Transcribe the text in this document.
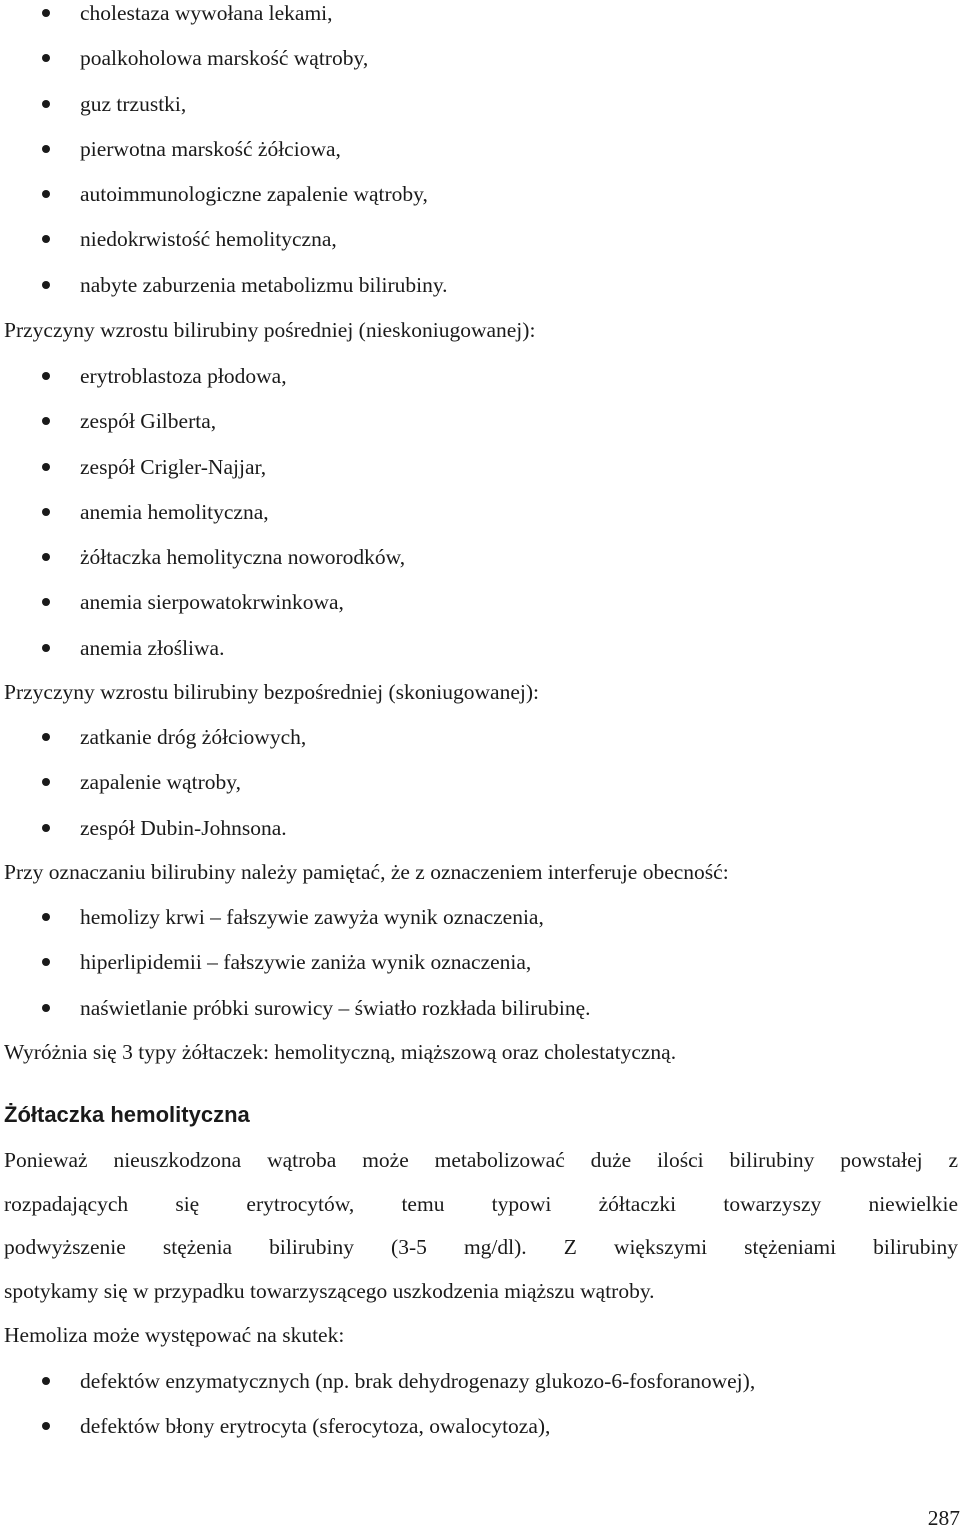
cholestaza wywołana lekami,
poalkoholowa marskość wątroby,
guz trzustki,
pierwotna marskość żółciowa,
autoimmunologiczne zapalenie wątroby,
niedokrwistość hemolityczna,
nabyte zaburzenia metabolizmu bilirubiny.
Przyczyny wzrostu bilirubiny pośredniej (nieskoniugowanej):
erytroblastoza płodowa,
zespół Gilberta,
zespół Crigler-Najjar,
anemia hemolityczna,
żółtaczka hemolityczna noworodków,
anemia sierpowatokrwinkowa,
anemia złośliwa.
Przyczyny wzrostu bilirubiny bezpośredniej (skoniugowanej):
zatkanie dróg żółciowych,
zapalenie wątroby,
zespół Dubin-Johnsona.
Przy oznaczaniu bilirubiny należy pamiętać, że z oznaczeniem interferuje obecność:
hemolizy krwi – fałszywie zawyża wynik oznaczenia,
hiperlipidemii – fałszywie zaniża wynik oznaczenia,
naświetlanie próbki surowicy – światło rozkłada bilirubinę.
Wyróżnia się 3 typy żółtaczek: hemolityczną, miąższową oraz cholestatyczną.
Żółtaczka hemolityczna
Ponieważ nieuszkodzona wątroba może metabolizować duże ilości bilirubiny powstałej z
rozpadających się erytrocytów, temu typowi żółtaczki towarzyszy niewielkie
podwyższenie stężenia bilirubiny (3-5 mg/dl). Z większymi stężeniami bilirubiny
spotykamy się w przypadku towarzyszącego uszkodzenia miąższu wątroby.
Hemoliza może występować na skutek:
defektów enzymatycznych (np. brak dehydrogenazy glukozo-6-fosforanowej),
defektów błony erytrocyta (sferocytoza, owalocytoza),
287
